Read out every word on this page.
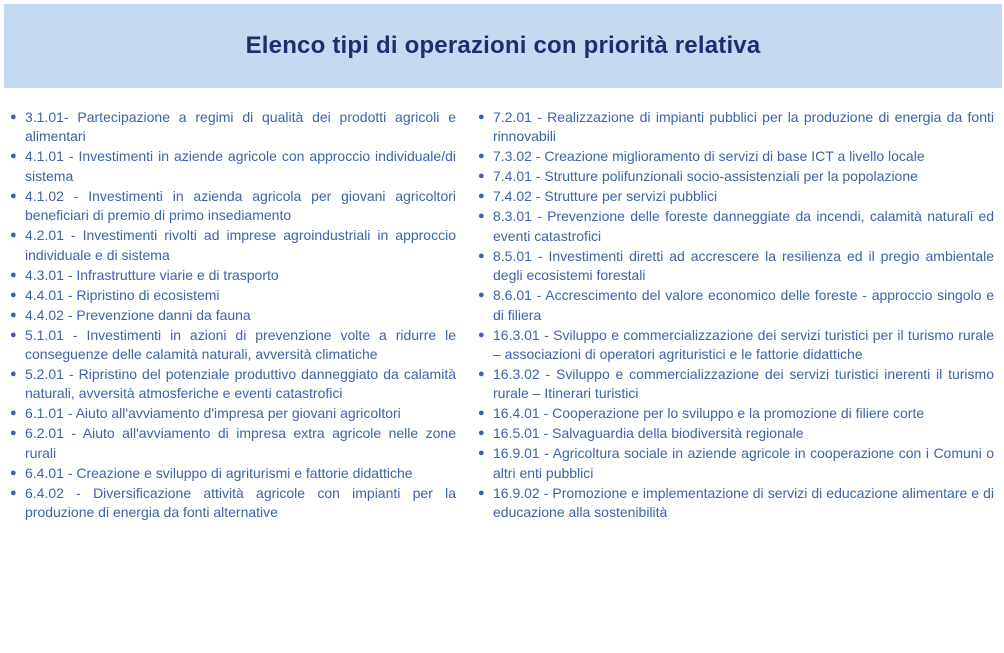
Elenco tipi di operazioni con priorità relativa
● 3.1.01- Partecipazione a regimi di qualità dei prodotti agricoli e alimentari
● 4.1.01 - Investimenti in aziende agricole con approccio individuale/di sistema
● 4.1.02 - Investimenti in azienda agricola per giovani agricoltori beneficiari di premio di primo insediamento
● 4.2.01 - Investimenti rivolti ad imprese agroindustriali in approccio individuale e di sistema
● 4.3.01 - Infrastrutture viarie e di trasporto
● 4.4.01 - Ripristino di ecosistemi
● 4.4.02 - Prevenzione danni da fauna
● 5.1.01 - Investimenti in azioni di prevenzione volte a ridurre le conseguenze delle calamità naturali, avversità climatiche
● 5.2.01 - Ripristino del potenziale produttivo danneggiato da calamità naturali, avversità atmosferiche e eventi catastrofici
● 6.1.01 - Aiuto all'avviamento d'impresa per giovani agricoltori
● 6.2.01 - Aiuto all'avviamento di impresa extra agricole nelle zone rurali
● 6.4.01 - Creazione e sviluppo di agriturismi e fattorie didattiche
● 6.4.02 - Diversificazione attività agricole con impianti per la produzione di energia da fonti alternative
● 7.2.01 - Realizzazione di impianti pubblici per la produzione di energia da fonti rinnovabili
● 7.3.02 - Creazione miglioramento di servizi di base ICT a livello locale
● 7.4.01 - Strutture polifunzionali socio-assistenziali per la popolazione
● 7.4.02 - Strutture per servizi pubblici
● 8.3.01 - Prevenzione delle foreste danneggiate da incendi, calamità naturali ed eventi catastrofici
● 8.5.01 - Investimenti diretti ad accrescere la resilienza ed il pregio ambientale degli ecosistemi forestali
● 8.6.01 - Accrescimento del valore economico delle foreste - approccio singolo e di filiera
● 16.3.01 - Sviluppo e commercializzazione dei servizi turistici per il turismo rurale – associazioni di operatori agrituristici e le fattorie didattiche
● 16.3.02 - Sviluppo e commercializzazione dei servizi turistici inerenti il turismo rurale – Itinerari turistici
● 16.4.01 - Cooperazione per lo sviluppo e la promozione di filiere corte
● 16.5.01 - Salvaguardia della biodiversità regionale
● 16.9.01 - Agricoltura sociale in aziende agricole in cooperazione con i Comuni o altri enti pubblici
● 16.9.02 - Promozione e implementazione di servizi di educazione alimentare e di educazione alla sostenibilità
